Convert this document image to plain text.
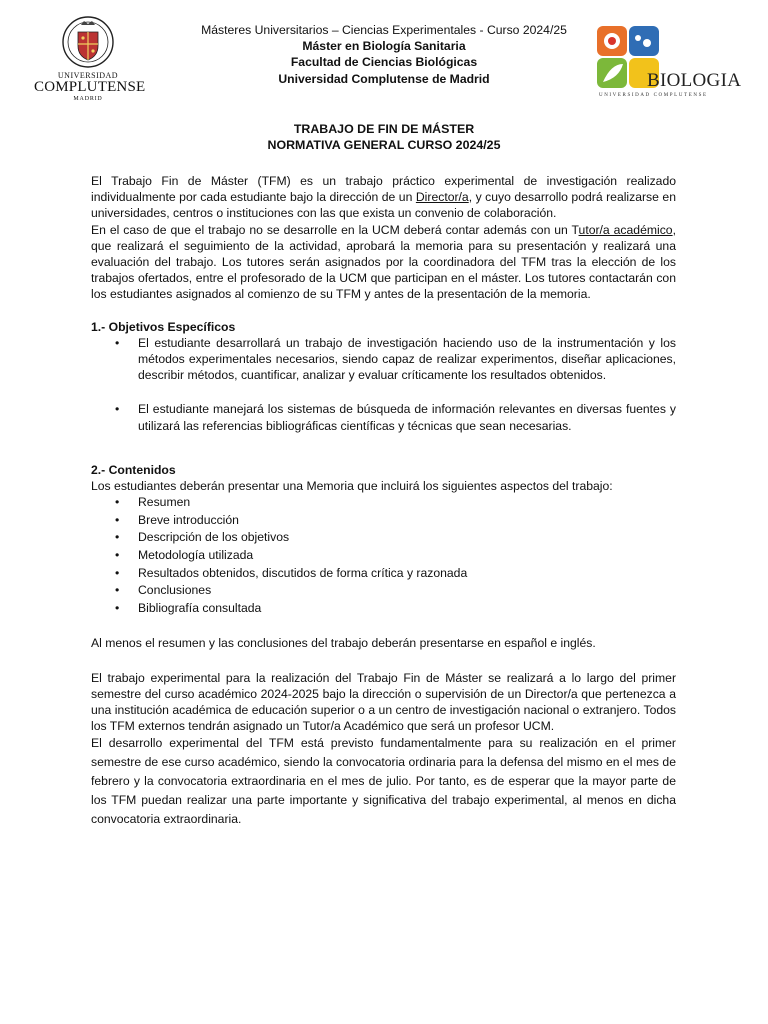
UNIVERSIDAD
COMPLUTENSE
MADRID
BIOLOGIA
UNIVERSIDAD COMPLUTENSE
Másteres Universitarios – Ciencias Experimentales - Curso 2024/25
Máster en Biología Sanitaria
Facultad de Ciencias Biológicas
Universidad Complutense de Madrid
TRABAJO DE FIN DE MÁSTER
NORMATIVA GENERAL CURSO 2024/25

El Trabajo Fin de Máster (TFM) es un trabajo práctico experimental de investigación realizado individualmente por cada estudiante bajo la dirección de un Director/a, y cuyo desarrollo podrá realizarse en universidades, centros o instituciones con las que exista un convenio de colaboración.

En el caso de que el trabajo no se desarrolle en la UCM deberá contar además con un Tutor/a académico, que realizará el seguimiento de la actividad, aprobará la memoria para su presentación y realizará una evaluación del trabajo. Los tutores serán asignados por la coordinadora del TFM tras la elección de los trabajos ofertados, entre el profesorado de la UCM que participan en el máster. Los tutores contactarán con los estudiantes asignados al comienzo de su TFM y antes de la presentación de la memoria.

1.- Objetivos Específicos

• El estudiante desarrollará un trabajo de investigación haciendo uso de la instrumentación y los métodos experimentales necesarios, siendo capaz de realizar experimentos, diseñar aplicaciones, describir métodos, cuantificar, analizar y evaluar críticamente los resultados obtenidos.
• El estudiante manejará los sistemas de búsqueda de información relevantes en diversas fuentes y utilizará las referencias bibliográficas científicas y técnicas que sean necesarias.

2.- Contenidos

Los estudiantes deberán presentar una Memoria que incluirá los siguientes aspectos del trabajo:

• Resumen
• Breve introducción
• Descripción de los objetivos
• Metodología utilizada
• Resultados obtenidos, discutidos de forma crítica y razonada
• Conclusiones
• Bibliografía consultada

Al menos el resumen y las conclusiones del trabajo deberán presentarse en español e inglés.

El trabajo experimental para la realización del Trabajo Fin de Máster se realizará a lo largo del primer semestre del curso académico 2024-2025 bajo la dirección o supervisión de un Director/a que pertenezca a una institución académica de educación superior o a un centro de investigación nacional o extranjero. Todos los TFM externos tendrán asignado un Tutor/a Académico que será un profesor UCM.

El desarrollo experimental del TFM está previsto fundamentalmente para su realización en el primer semestre de ese curso académico, siendo la convocatoria ordinaria para la defensa del mismo en el mes de febrero y la convocatoria extraordinaria en el mes de julio. Por tanto, es de esperar que la mayor parte de los TFM puedan realizar una parte importante y significativa del trabajo experimental, al menos en dicha convocatoria extraordinaria.
